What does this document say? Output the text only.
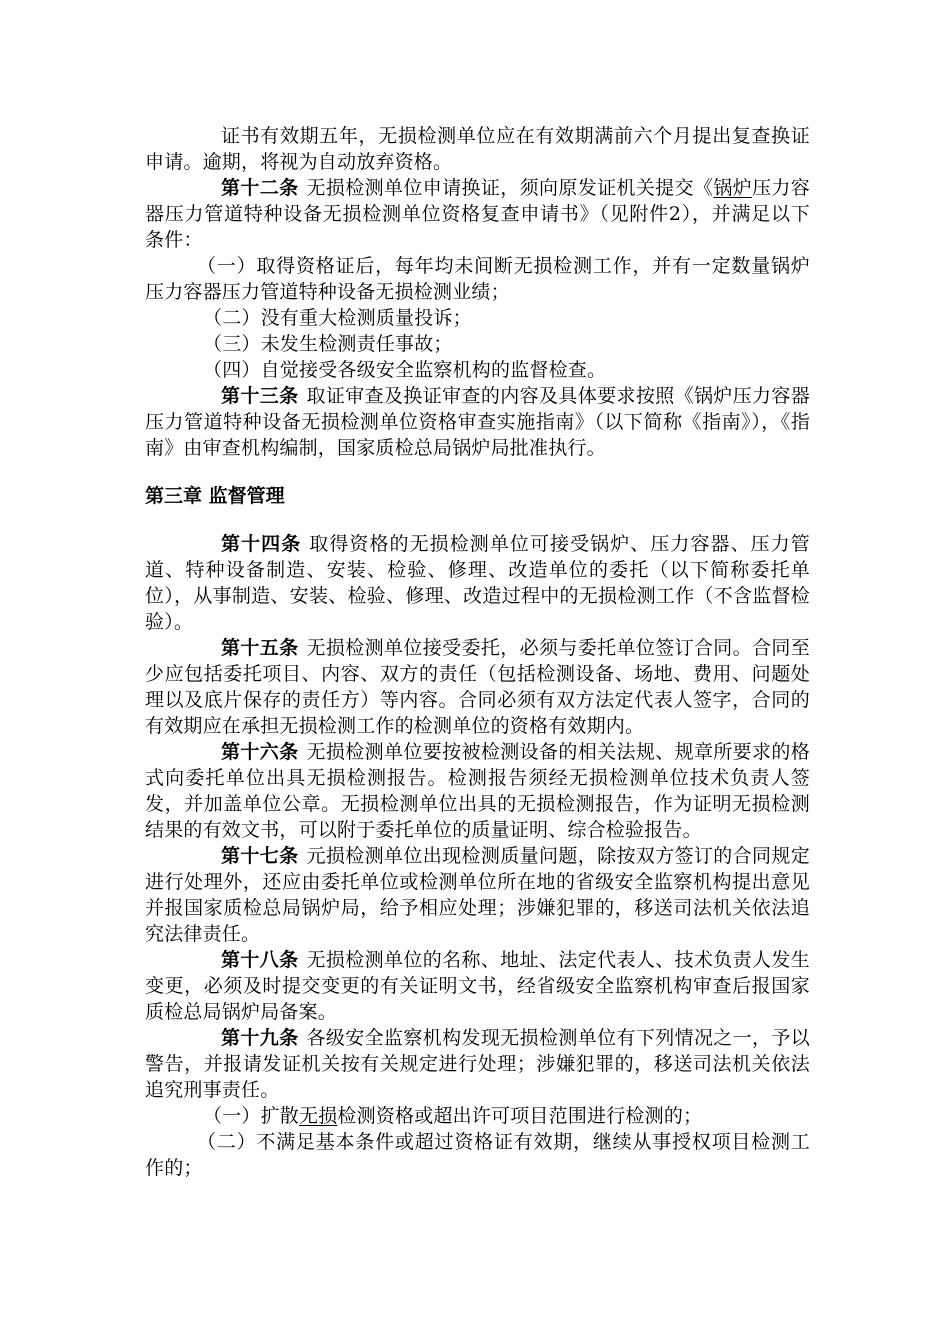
证书有效期五年，无损检测单位应在有效期满前六个月提出复查换证申请。逾期，将视为自动放弃资格。

第十二条 无损检测单位申请换证，须向原发证机关提交《锅炉压力容器压力管道特种设备无损检测单位资格复查申请书》（见附件2），并满足以下条件：

（一）取得资格证后，每年均未间断无损检测工作，并有一定数量锅炉压力容器压力管道特种设备无损检测业绩；

（二）没有重大检测质量投诉；

（三）未发生检测责任事故；

（四）自觉接受各级安全监察机构的监督检查。

第十三条 取证审查及换证审查的内容及具体要求按照《锅炉压力容器压力管道特种设备无损检测单位资格审查实施指南》（以下简称《指南》），《指南》由审查机构编制，国家质检总局锅炉局批准执行。

第三章 监督管理

第十四条 取得资格的无损检测单位可接受锅炉、压力容器、压力管道、特种设备制造、安装、检验、修理、改造单位的委托（以下简称委托单位），从事制造、安装、检验、修理、改造过程中的无损检测工作（不含监督检验）。

第十五条 无损检测单位接受委托，必须与委托单位签订合同。合同至少应包括委托项目、内容、双方的责任（包括检测设备、场地、费用、问题处理以及底片保存的责任方）等内容。合同必须有双方法定代表人签字，合同的有效期应在承担无损检测工作的检测单位的资格有效期内。

第十六条 无损检测单位要按被检测设备的相关法规、规章所要求的格式向委托单位出具无损检测报告。检测报告须经无损检测单位技术负责人签发，并加盖单位公章。无损检测单位出具的无损检测报告，作为证明无损检测结果的有效文书，可以附于委托单位的质量证明、综合检验报告。

第十七条 元损检测单位出现检测质量问题，除按双方签订的合同规定进行处理外，还应由委托单位或检测单位所在地的省级安全监察机构提出意见并报国家质检总局锅炉局，给予相应处理；涉嫌犯罪的，移送司法机关依法追究法律责任。

第十八条 无损检测单位的名称、地址、法定代表人、技术负责人发生变更，必须及时提交变更的有关证明文书，经省级安全监察机构审查后报国家质检总局锅炉局备案。

第十九条 各级安全监察机构发现无损检测单位有下列情况之一，予以警告，并报请发证机关按有关规定进行处理；涉嫌犯罪的，移送司法机关依法追究刑事责任。

（一）扩散无损检测资格或超出许可项目范围进行检测的；

（二）不满足基本条件或超过资格证有效期，继续从事授权项目检测工作的；
